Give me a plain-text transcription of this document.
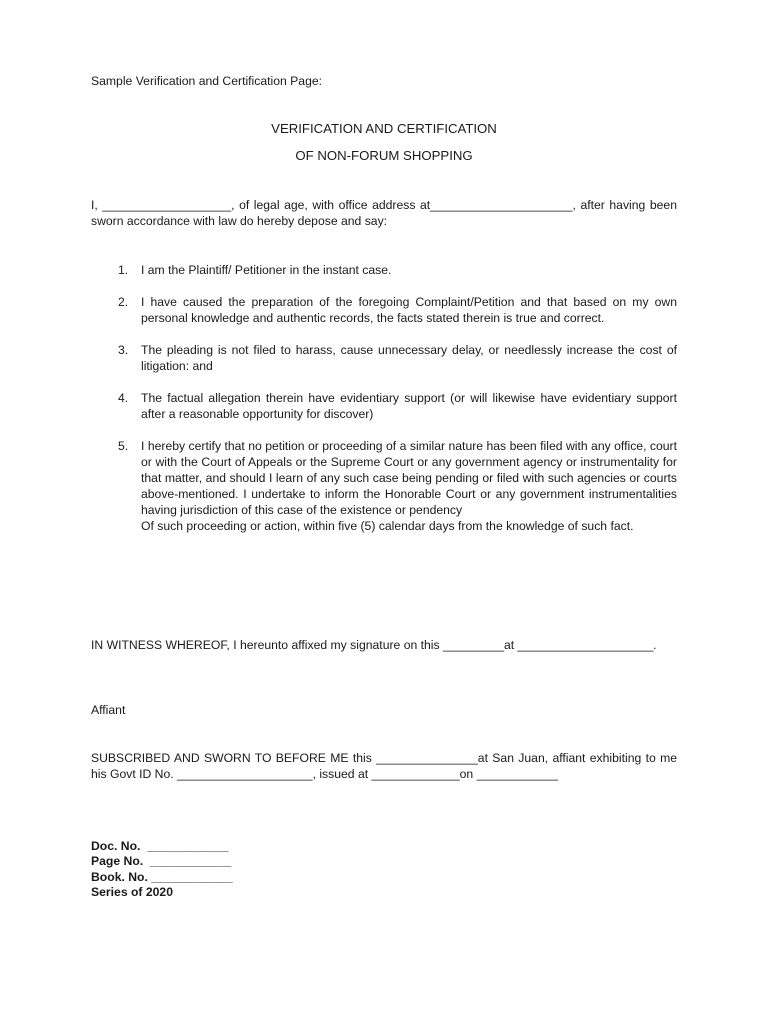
Sample Verification and Certification Page:
VERIFICATION AND CERTIFICATION
OF NON-FORUM SHOPPING
I, ___________________, of legal age, with office address at_____________________, after having been sworn accordance with law do hereby depose and say:
1. I am the Plaintiff/ Petitioner in the instant case.
2. I have caused the preparation of the foregoing Complaint/Petition and that based on my own personal knowledge and authentic records, the facts stated therein is true and correct.
3. The pleading is not filed to harass, cause unnecessary delay, or needlessly increase the cost of litigation: and
4. The factual allegation therein have evidentiary support (or will likewise have evidentiary support after a reasonable opportunity for discover)
5. I hereby certify that no petition or proceeding of a similar nature has been filed with any office, court or with the Court of Appeals or the Supreme Court or any government agency or instrumentality for that matter, and should I learn of any such case being pending or filed with such agencies or courts above-mentioned. I undertake to inform the Honorable Court or any government instrumentalities having jurisdiction of this case of the existence or pendency
Of such proceeding or action, within five (5) calendar days from the knowledge of such fact.
IN WITNESS WHEREOF, I hereunto affixed my signature on this _________at ____________________.
Affiant
SUBSCRIBED AND SWORN TO BEFORE ME this _______________at San Juan, affiant exhibiting to me his Govt ID No. ____________________, issued at _____________on ____________
Doc. No.  ____________
Page No.  ____________
Book. No. ____________
Series of 2020
